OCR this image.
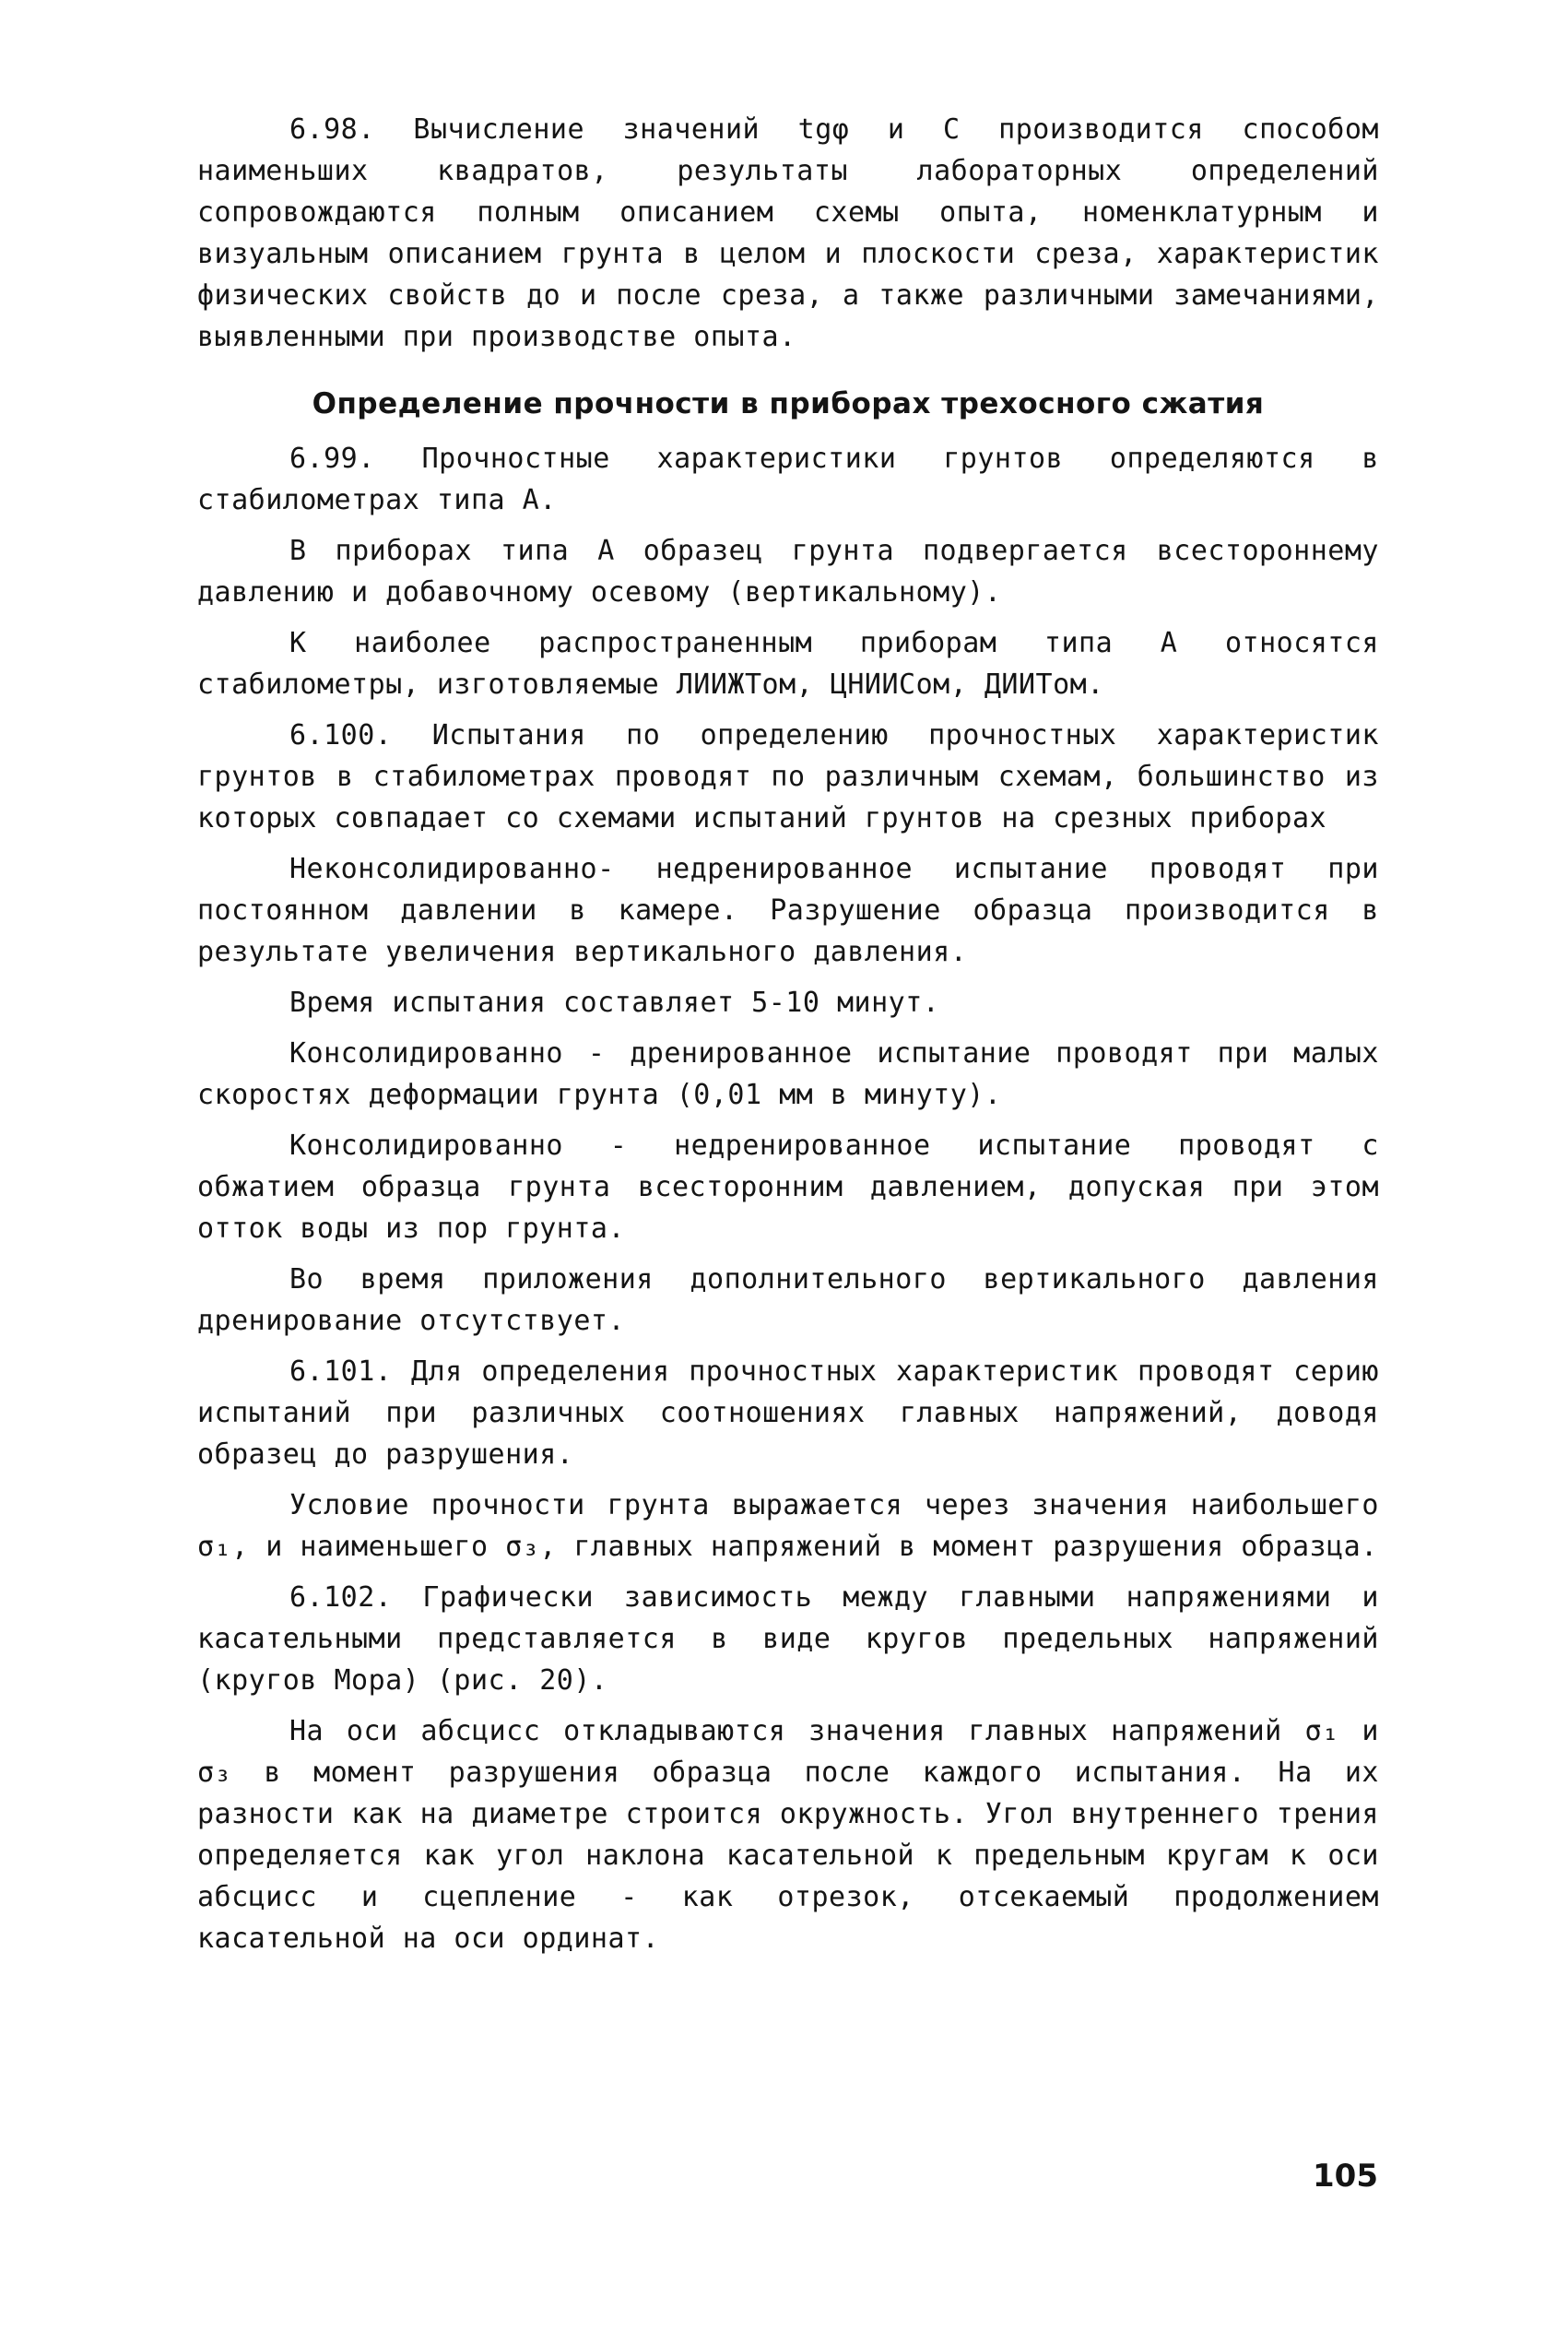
6.98. Вычисление значений tgφ и С производится способом наименьших квадратов, результаты лабораторных определений сопровождаются полным описанием схемы опыта, номенклатурным и визуальным описанием грунта в целом и плоскости среза, характеристик физических свойств до и после среза, а также различными замечаниями, выявленными при производстве опыта.

Определение прочности в приборах трехосного сжатия

6.99. Прочностные характеристики грунтов определяются в стабилометрах типа А.

В приборах типа А образец грунта подвергается всестороннему давлению и добавочному осевому (вертикальному).

К наиболее распространенным приборам типа А относятся стабилометры, изготовляемые ЛИИЖТом, ЦНИИСом, ДИИТом.

6.100. Испытания по определению прочностных характеристик грунтов в стабилометрах проводят по различным схемам, большинство из которых совпадает со схемами испытаний грунтов на срезных приборах

Неконсолидированно- недренированное испытание проводят при постоянном давлении в камере. Разрушение образца производится в результате увеличения вертикального давления.

Время испытания составляет 5-10 минут.

Консолидированно - дренированное испытание проводят при малых скоростях деформации грунта (0,01 мм в минуту).

Консолидированно - недренированное испытание проводят с обжатием образца грунта всесторонним давлением, допуская при этом отток воды из пор грунта.

Во время приложения дополнительного вертикального давления дренирование отсутствует.

6.101. Для определения прочностных характеристик проводят серию испытаний при различных соотношениях главных напряжений, доводя образец до разрушения.

Условие прочности грунта выражается через значения наибольшего σ₁, и наименьшего σ₃, главных напряжений в момент разрушения образца.

6.102. Графически зависимость между главными напряжениями и касательными представляется в виде кругов предельных напряжений (кругов Мора) (рис. 20).

На оси абсцисс откладываются значения главных напряжений σ₁ и σ₃ в момент разрушения образца после каждого испытания. На их разности как на диаметре строится окружность. Угол внутреннего трения определяется как угол наклона касательной к предельным кругам к оси абсцисс и сцепление - как отрезок, отсекаемый продолжением касательной на оси ординат.

105
